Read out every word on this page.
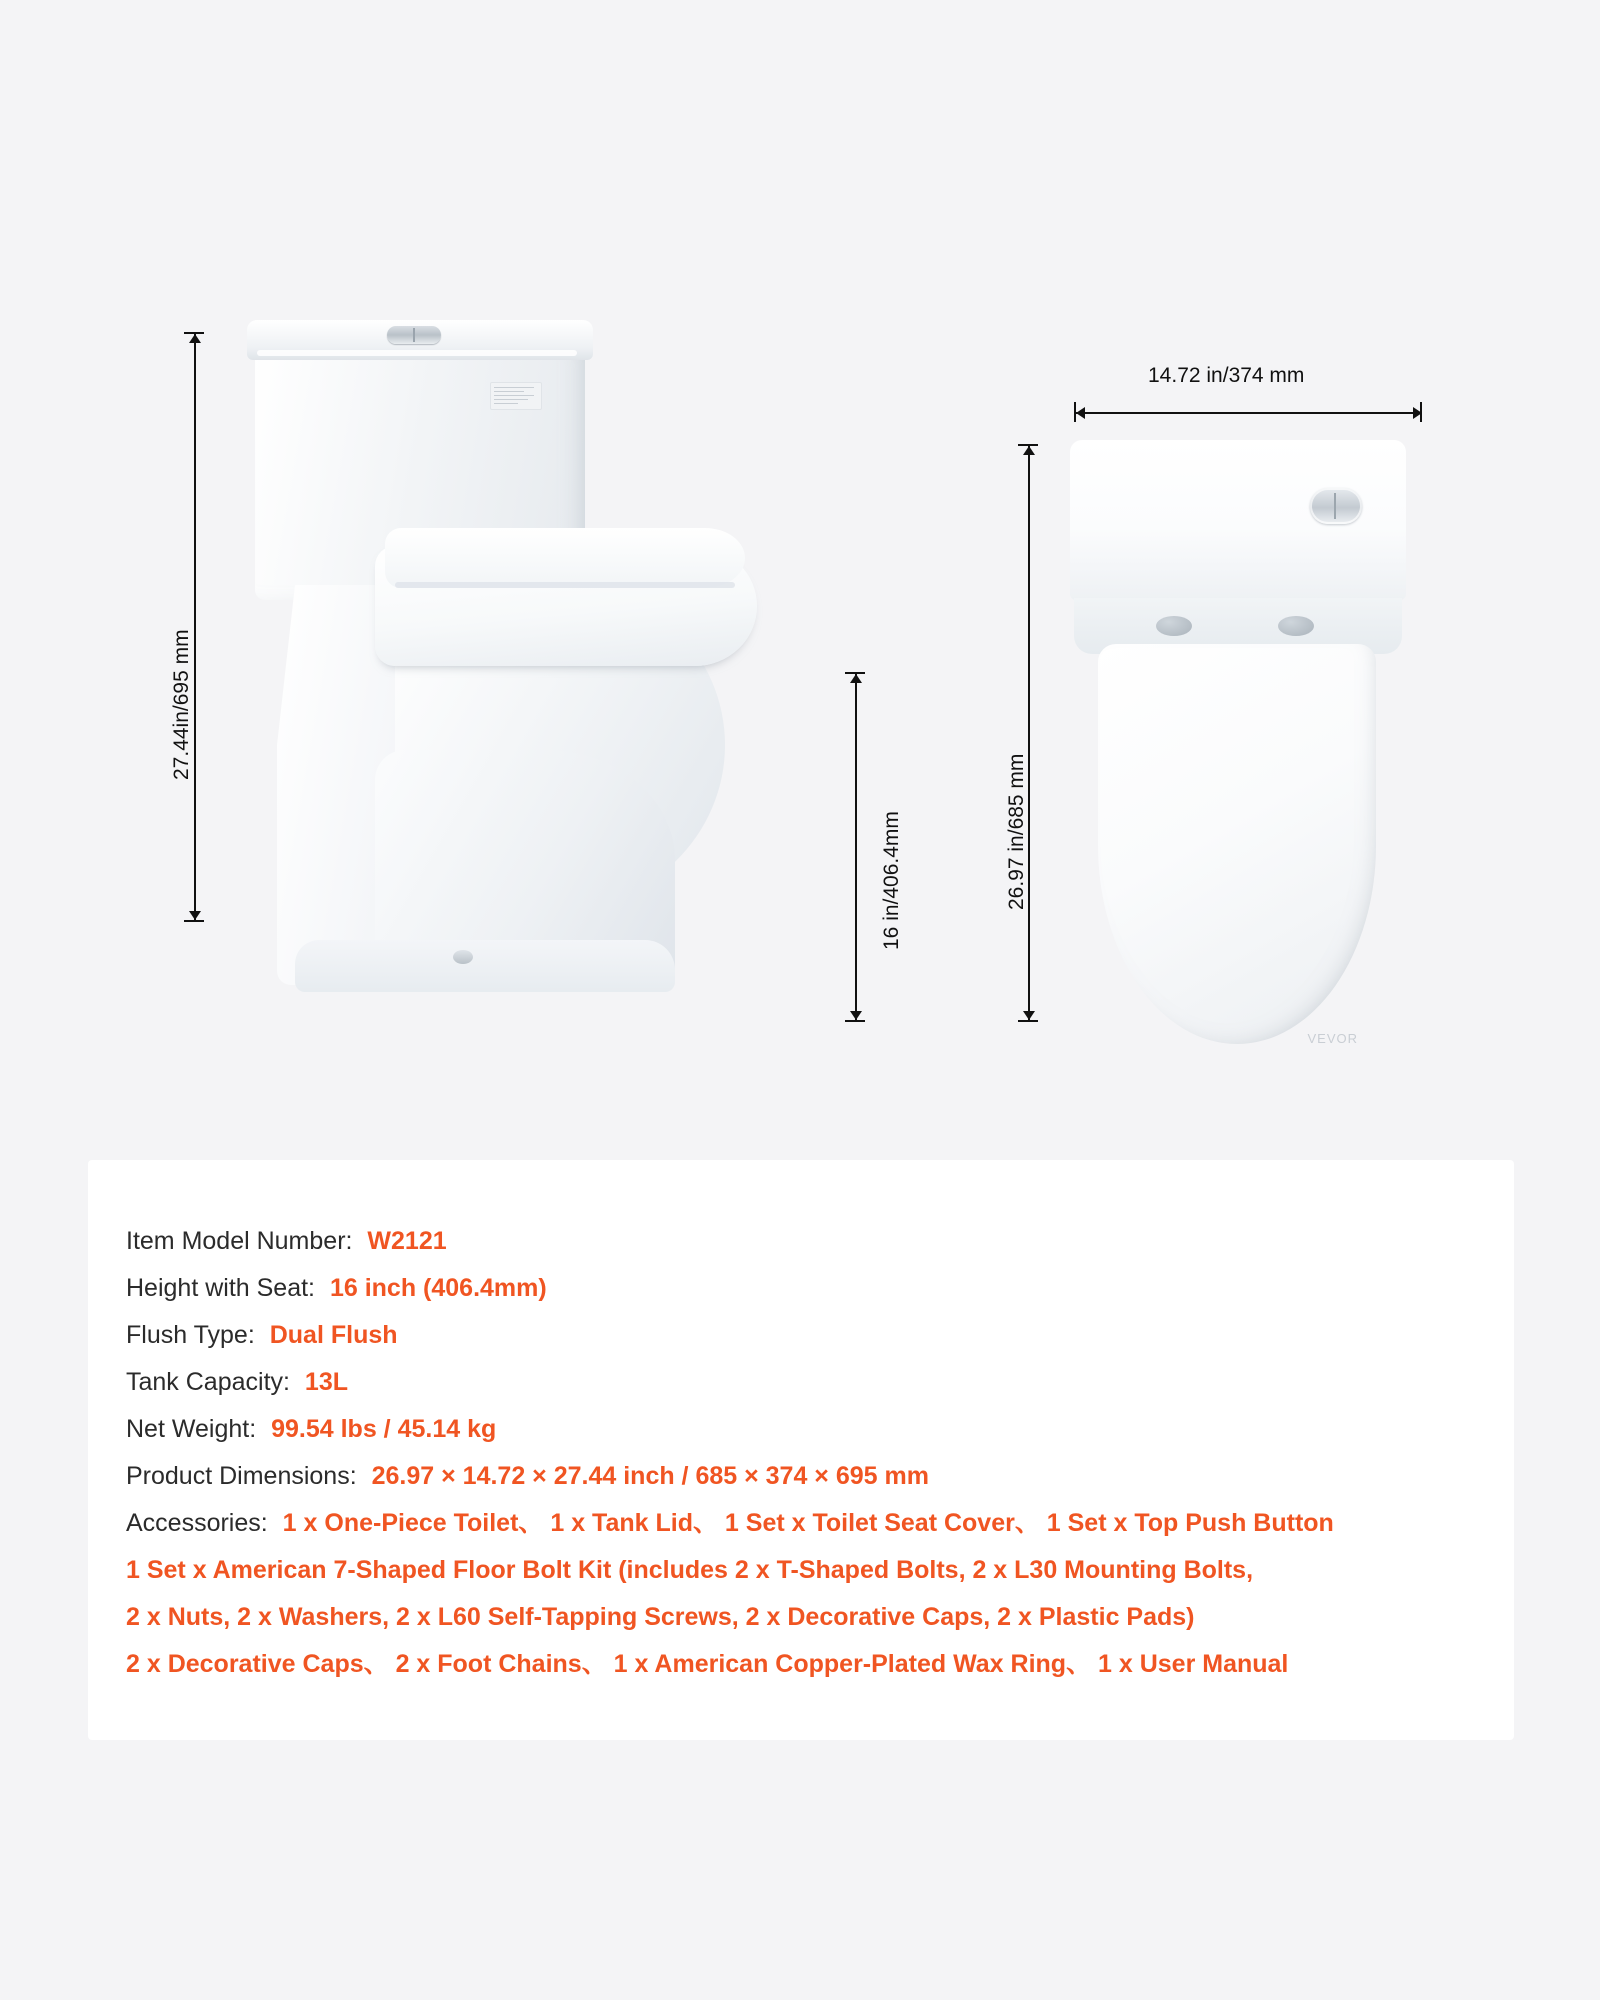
27.44in/695 mm
16 in/406.4mm
VEVOR
14.72 in/374 mm
26.97 in/685 mm
Item Model Number: W2121
Height with Seat: 16 inch (406.4mm)
Flush Type: Dual Flush
Tank Capacity: 13L
Net Weight: 99.54 lbs / 45.14 kg
Product Dimensions: 26.97 × 14.72 × 27.44 inch / 685 × 374 × 695 mm
Accessories: 1 x One-Piece Toilet、 1 x Tank Lid、 1 Set x Toilet Seat Cover、 1 Set x Top Push Button
1 Set x American 7-Shaped Floor Bolt Kit (includes 2 x T-Shaped Bolts, 2 x L30 Mounting Bolts,
2 x Nuts, 2 x Washers, 2 x L60 Self-Tapping Screws, 2 x Decorative Caps, 2 x Plastic Pads)
2 x Decorative Caps、 2 x Foot Chains、 1 x American Copper-Plated Wax Ring、 1 x User Manual
